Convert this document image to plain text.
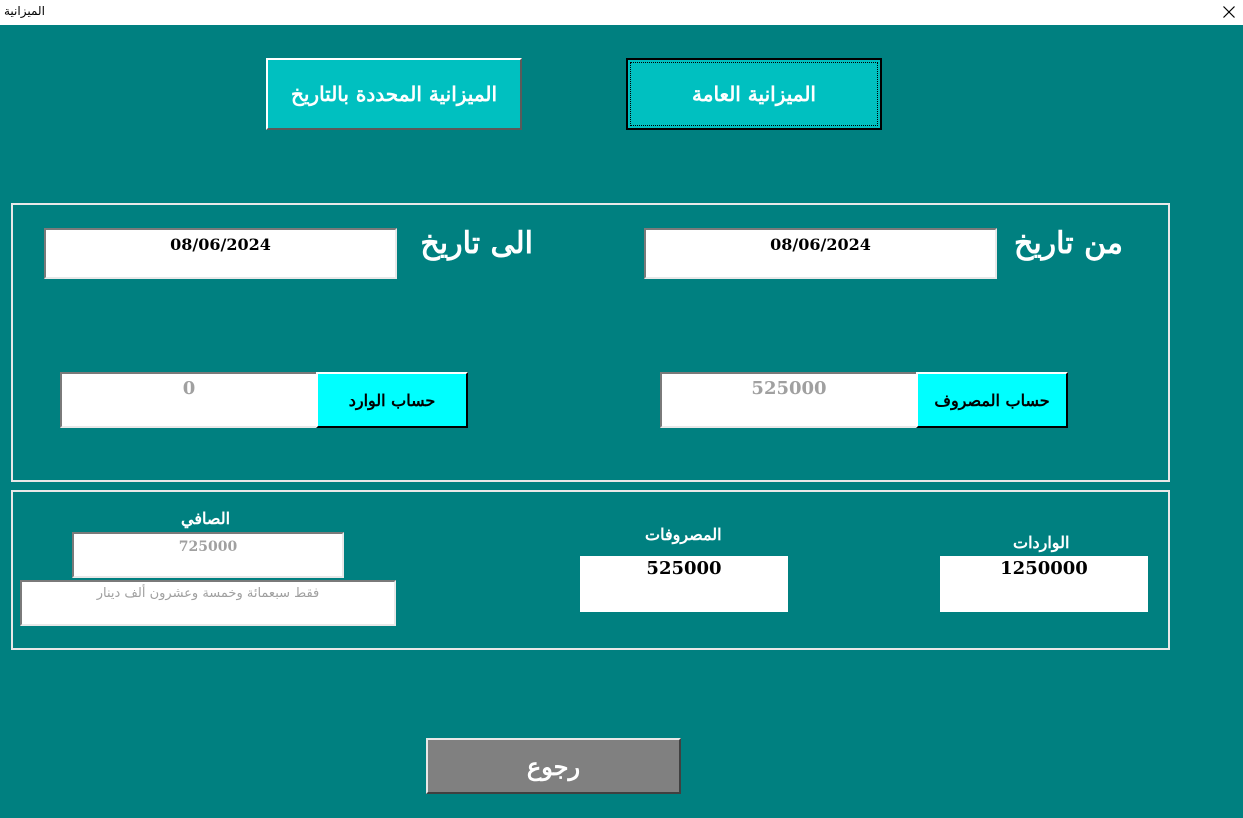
الميزانية
الميزانية المحددة بالتاريخ	الميزانية العامة
من تاريخ
08/06/2024
الى تاريخ
08/06/2024
525000
حساب المصروف
0
حساب الوارد
الواردات
1250000
المصروفات
525000
الصافي
725000
فقط سبعمائة وخمسة وعشرون ألف دينار
رجوع
